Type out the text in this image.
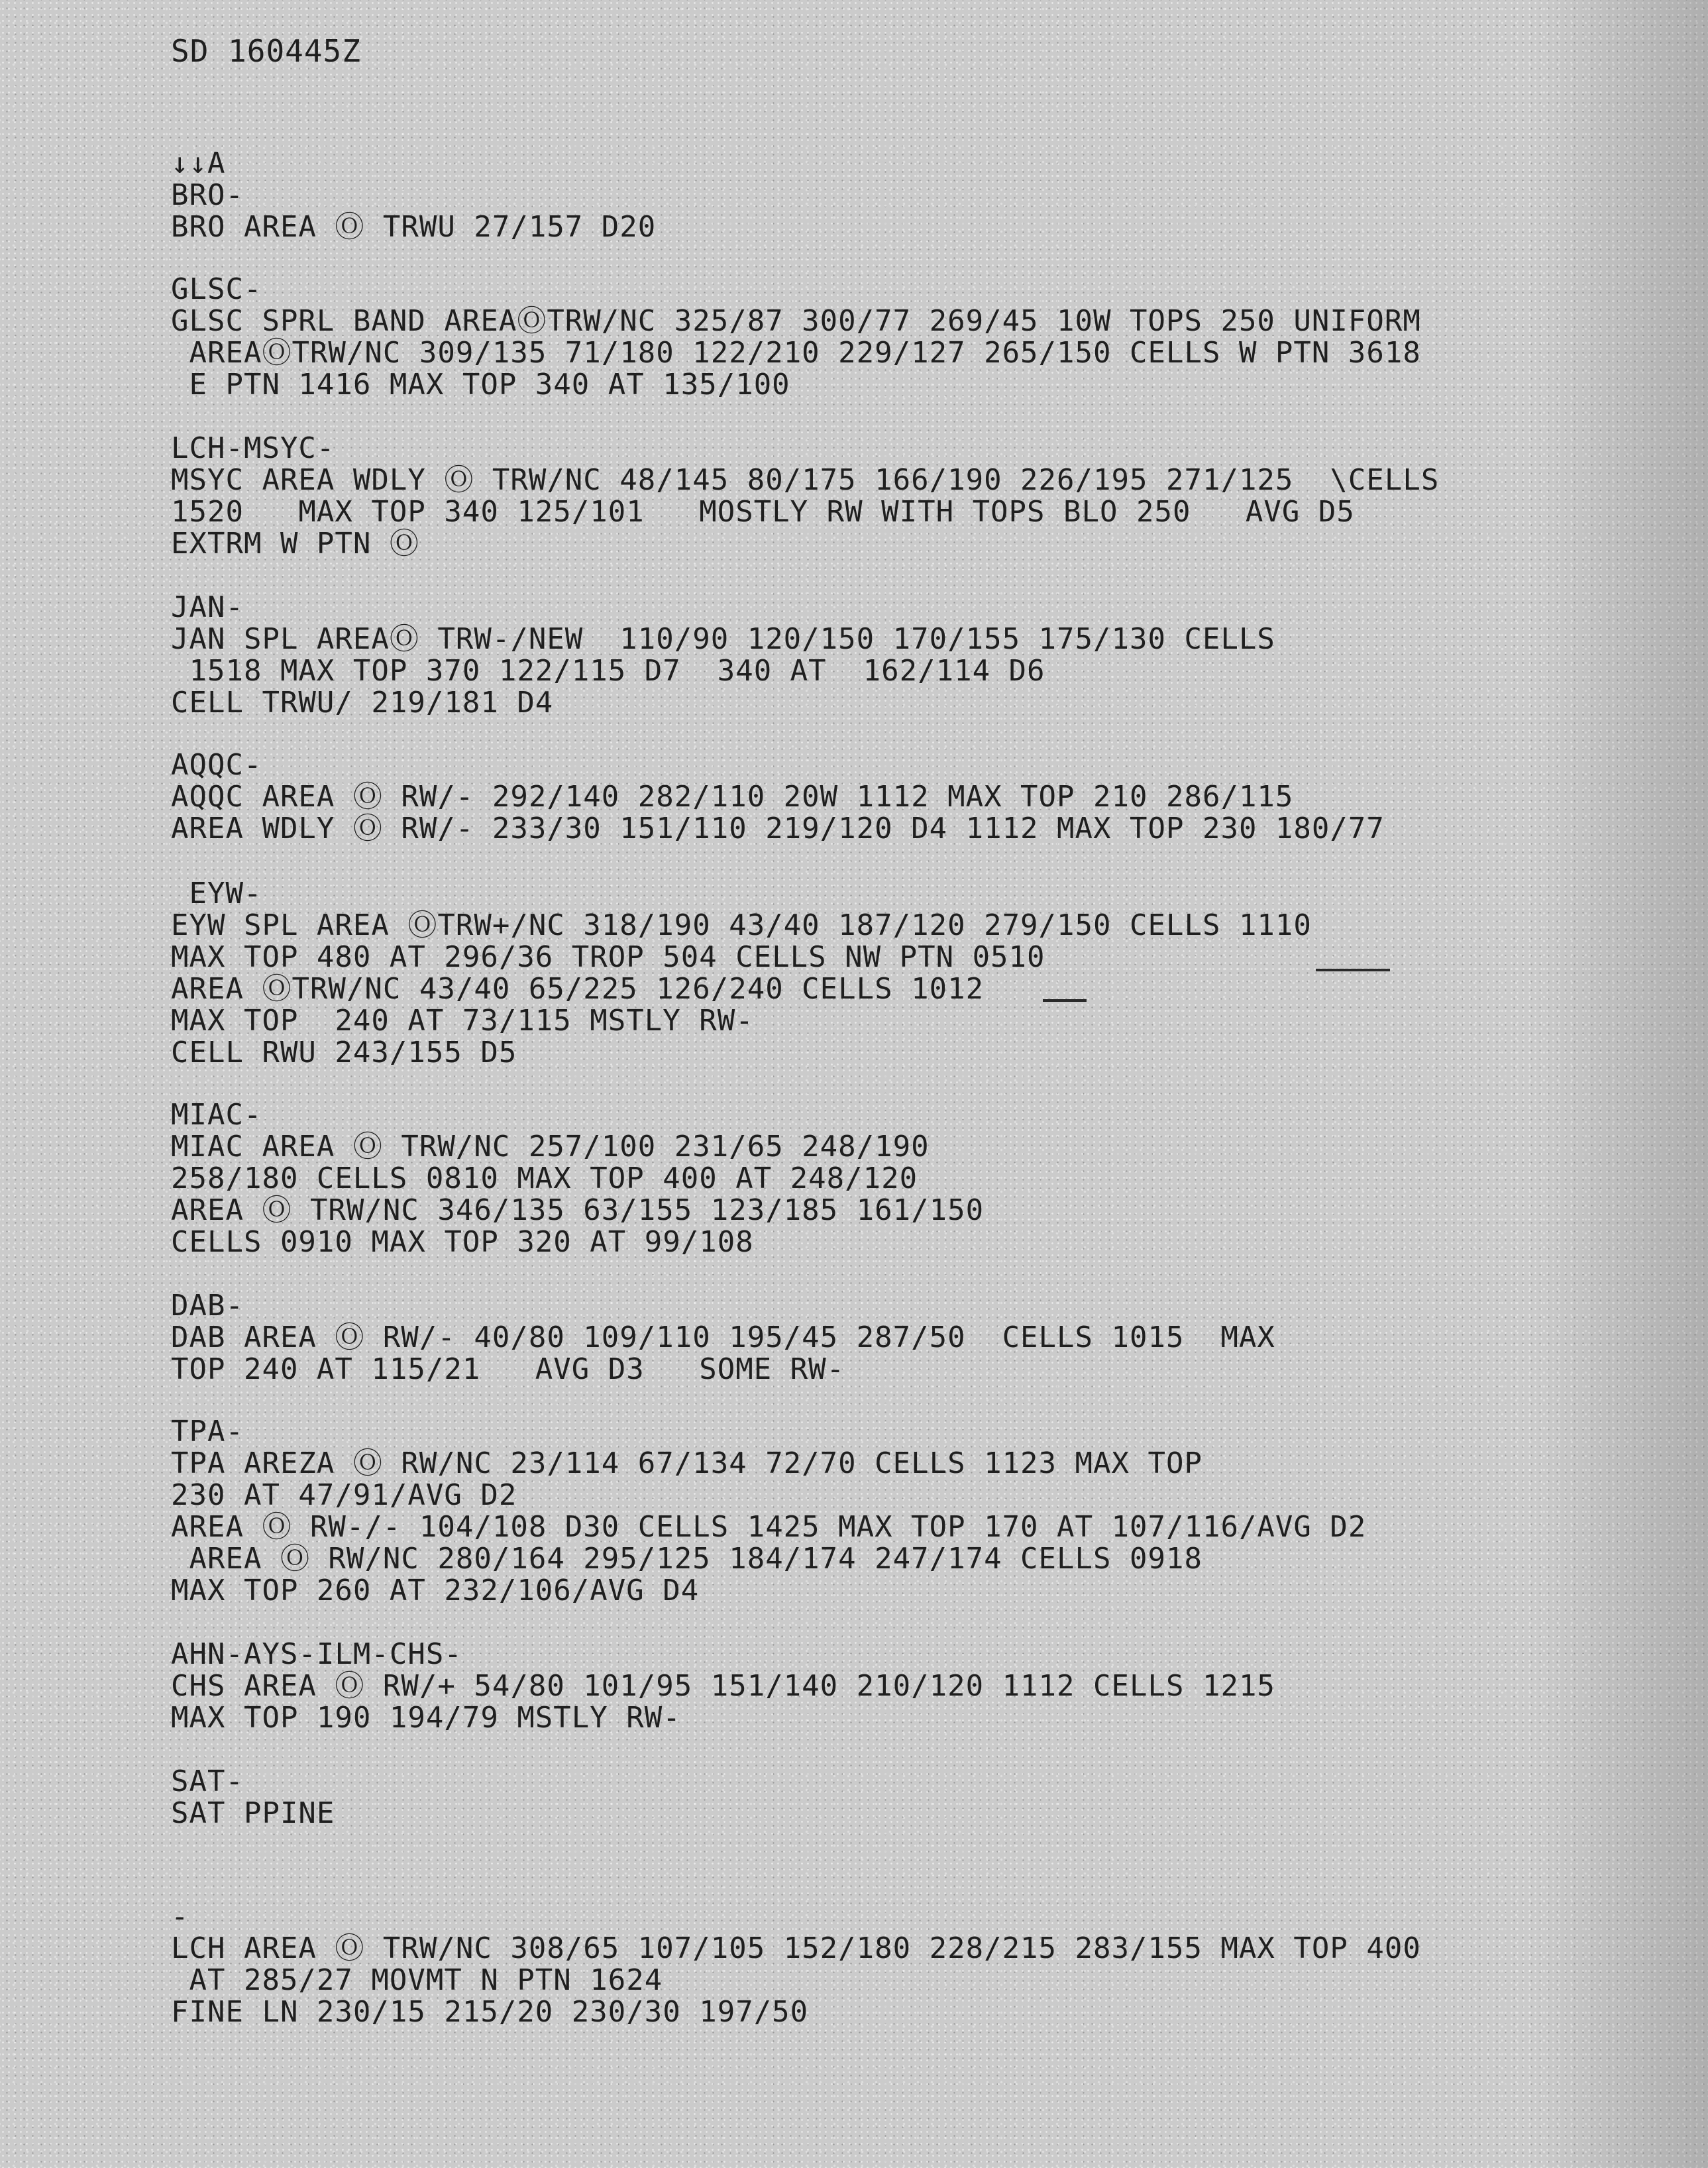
SD 160445Z
↓↓A
BRO-
BRO AREA Ⓞ TRWU 27/157 D20
GLSC-
GLSC SPRL BAND AREAⓄTRW/NC 325/87 300/77 269/45 10W TOPS 250 UNIFORM
AREAⓄTRW/NC 309/135 71/180 122/210 229/127 265/150 CELLS W PTN 3618
E PTN 1416 MAX TOP 340 AT 135/100
LCH-MSYC-
MSYC AREA WDLY Ⓞ TRW/NC 48/145 80/175 166/190 226/195 271/125  \CELLS
1520   MAX TOP 340 125/101   MOSTLY RW WITH TOPS BLO 250   AVG D5
EXTRM W PTN Ⓞ
JAN-
JAN SPL AREAⓄ TRW-/NEW  110/90 120/150 170/155 175/130 CELLS
1518 MAX TOP 370 122/115 D7  340 AT  162/114 D6
CELL TRWU/ 219/181 D4
AQQC-
AQQC AREA Ⓞ RW/- 292/140 282/110 20W 1112 MAX TOP 210 286/115
AREA WDLY Ⓞ RW/- 233/30 151/110 219/120 D4 1112 MAX TOP 230 180/77
EYW-
EYW SPL AREA ⓄTRW+/NC 318/190 43/40 187/120 279/150 CELLS 1110
MAX TOP 480 AT 296/36 TROP 504 CELLS NW PTN 0510
AREA ⓄTRW/NC 43/40 65/225 126/240 CELLS 1012
MAX TOP  240 AT 73/115 MSTLY RW-
CELL RWU 243/155 D5
MIAC-
MIAC AREA Ⓞ TRW/NC 257/100 231/65 248/190
258/180 CELLS 0810 MAX TOP 400 AT 248/120
AREA Ⓞ TRW/NC 346/135 63/155 123/185 161/150
CELLS 0910 MAX TOP 320 AT 99/108
DAB-
DAB AREA Ⓞ RW/- 40/80 109/110 195/45 287/50  CELLS 1015  MAX
TOP 240 AT 115/21   AVG D3   SOME RW-
TPA-
TPA AREZA Ⓞ RW/NC 23/114 67/134 72/70 CELLS 1123 MAX TOP
230 AT 47/91/AVG D2
AREA Ⓞ RW-/- 104/108 D30 CELLS 1425 MAX TOP 170 AT 107/116/AVG D2
AREA Ⓞ RW/NC 280/164 295/125 184/174 247/174 CELLS 0918
MAX TOP 260 AT 232/106/AVG D4
AHN-AYS-ILM-CHS-
CHS AREA Ⓞ RW/+ 54/80 101/95 151/140 210/120 1112 CELLS 1215
MAX TOP 190 194/79 MSTLY RW-
SAT-
SAT PPINE
-
LCH AREA Ⓞ TRW/NC 308/65 107/105 152/180 228/215 283/155 MAX TOP 400
AT 285/27 MOVMT N PTN 1624
FINE LN 230/15 215/20 230/30 197/50
